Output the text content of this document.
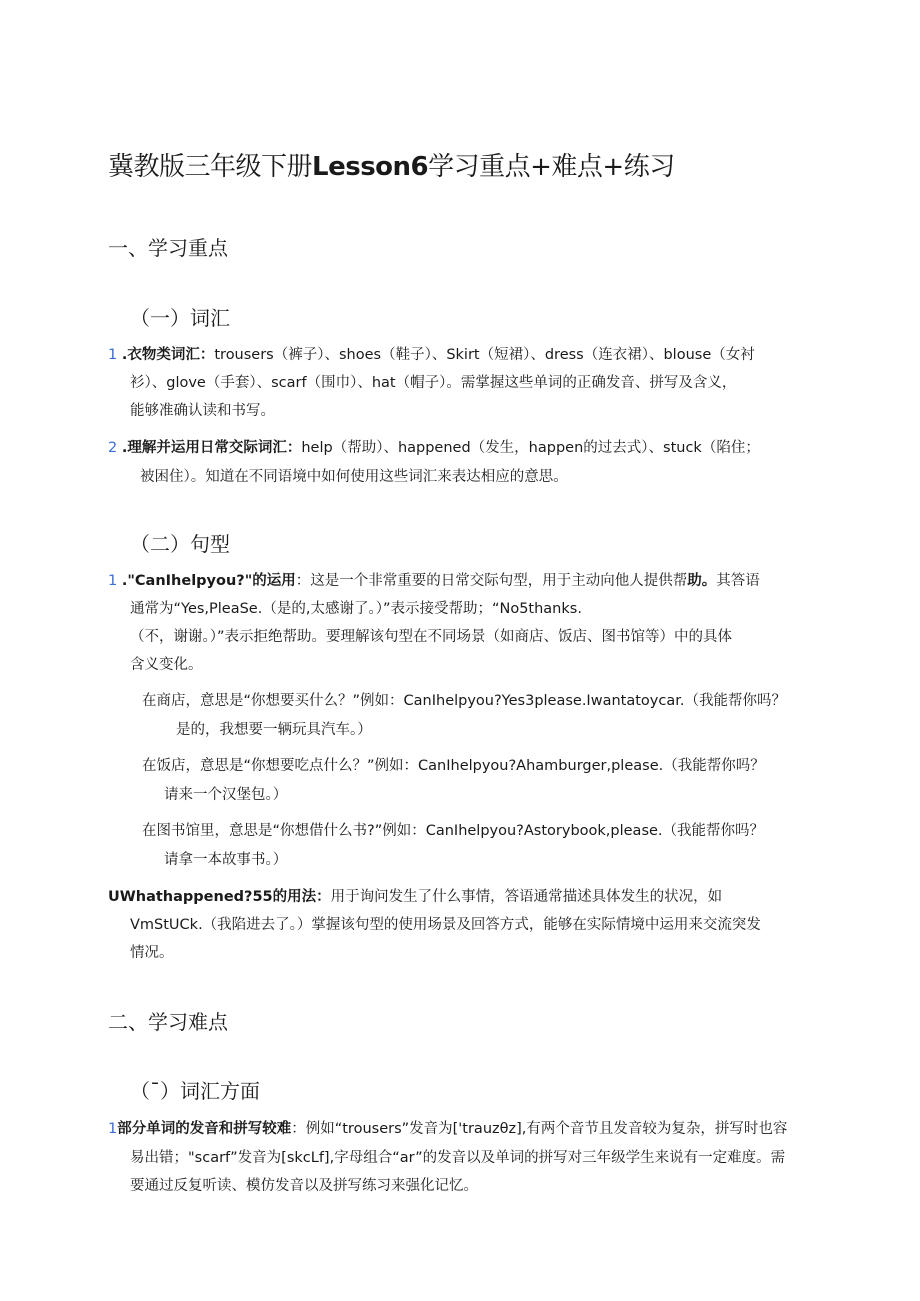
冀教版三年级下册Lesson6学习重点+难点+练习
一、学习重点
（一）词汇
1 .衣物类词汇：trousers（裤子）、shoes（鞋子）、Skirt（短裙）、dress（连衣裙）、blouse（女衬
衫）、glove（手套）、scarf（围巾）、hat（帽子）。需掌握这些单词的正确发音、拼写及含义，
能够准确认读和书写。
2 .理解并运用日常交际词汇：help（帮助）、happened（发生，happen的过去式）、stuck（陷住；
被困住）。知道在不同语境中如何使用这些词汇来表达相应的意思。
（二）句型
1 ."CanIhelpyou?"的运用：这是一个非常重要的日常交际句型，用于主动向他人提供帮助。其答语
通常为“Yes,PleaSe.（是的,太感谢了。）”表示接受帮助；“No5thanks.
（不，谢谢。）”表示拒绝帮助。要理解该句型在不同场景（如商店、饭店、图书馆等）中的具体
含义变化。
在商店，意思是“你想要买什么？”例如：CanIhelpyou?Yes3please.Iwantatoycar.（我能帮你吗？
是的，我想要一辆玩具汽车。）
在饭店，意思是“你想要吃点什么？”例如：CanIhelpyou?Ahamburger,please.（我能帮你吗？
请来一个汉堡包。）
在图书馆里，意思是“你想借什么书?”例如：CanIhelpyou?Astorybook,please.（我能帮你吗？
请拿一本故事书。）
UWhathappened?55的用法：用于询问发生了什么事情，答语通常描述具体发生的状况，如
VmStUCk.（我陷进去了。）掌握该句型的使用场景及回答方式，能够在实际情境中运用来交流突发
情况。
二、学习难点
（¯）词汇方面
1部分单词的发音和拼写较难：例如“trousers”发音为['trauzθz],有两个音节且发音较为复杂，拼写时也容
易出错；"scarf”发音为[skcLf],字母组合“ar”的发音以及单词的拼写对三年级学生来说有一定难度。需
要通过反复听读、模仿发音以及拼写练习来强化记忆。
